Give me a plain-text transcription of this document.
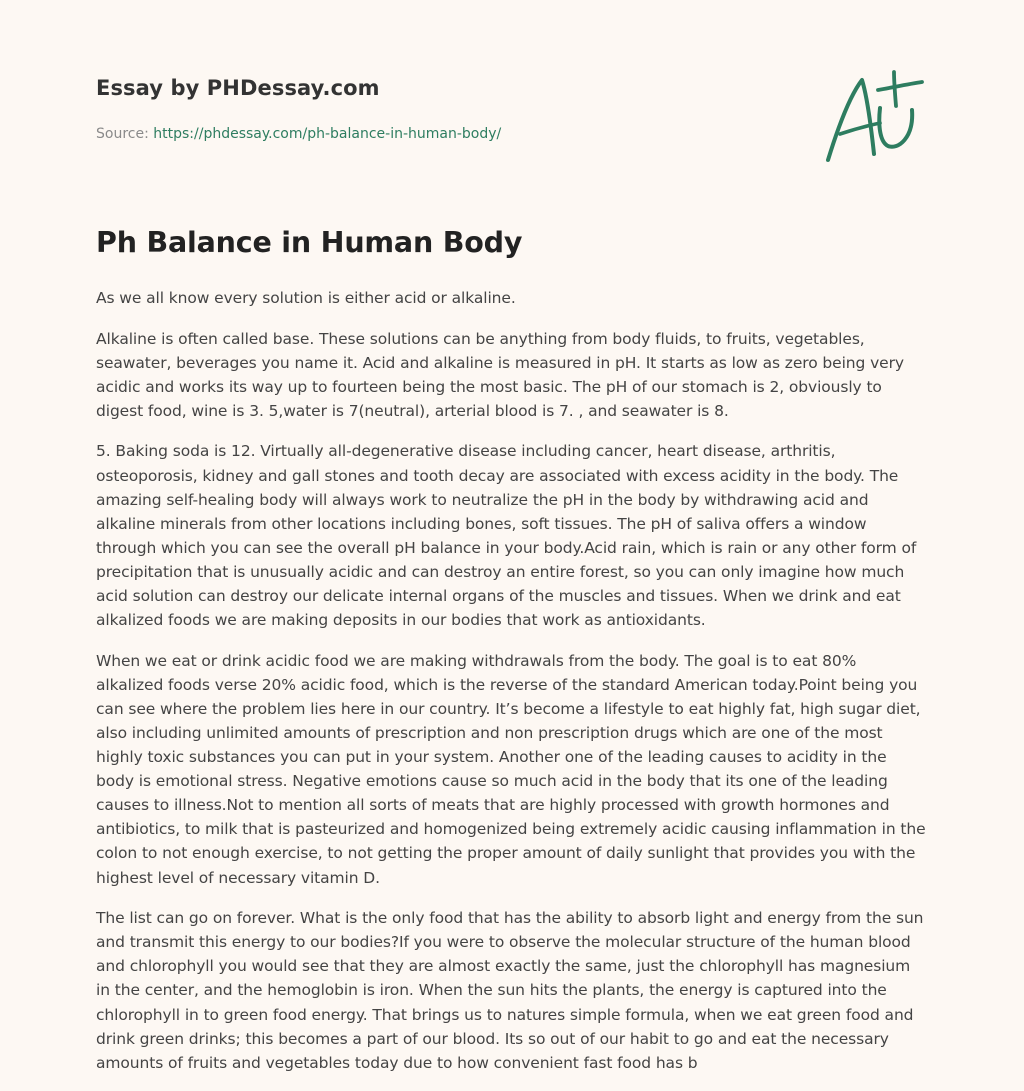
Essay by PHDessay.com

Source: https://phdessay.com/ph-balance-in-human-body/
Ph Balance in Human Body

As we all know every solution is either acid or alkaline.

Alkaline is often called base. These solutions can be anything from body fluids, to fruits, vegetables, seawater, beverages you name it. Acid and alkaline is measured in pH. It starts as low as zero being very acidic and works its way up to fourteen being the most basic. The pH of our stomach is 2, obviously to digest food, wine is 3. 5,water is 7(neutral), arterial blood is 7. , and seawater is 8.

5. Baking soda is 12. Virtually all-degenerative disease including cancer, heart disease, arthritis, osteoporosis, kidney and gall stones and tooth decay are associated with excess acidity in the body. The amazing self-healing body will always work to neutralize the pH in the body by withdrawing acid and alkaline minerals from other locations including bones, soft tissues. The pH of saliva offers a window through which you can see the overall pH balance in your body.Acid rain, which is rain or any other form of precipitation that is unusually acidic and can destroy an entire forest, so you can only imagine how much acid solution can destroy our delicate internal organs of the muscles and tissues. When we drink and eat alkalized foods we are making deposits in our bodies that work as antioxidants.

When we eat or drink acidic food we are making withdrawals from the body. The goal is to eat 80% alkalized foods verse 20% acidic food, which is the reverse of the standard American today.Point being you can see where the problem lies here in our country. It’s become a lifestyle to eat highly fat, high sugar diet, also including unlimited amounts of prescription and non prescription drugs which are one of the most highly toxic substances you can put in your system. Another one of the leading causes to acidity in the body is emotional stress. Negative emotions cause so much acid in the body that its one of the leading causes to illness.Not to mention all sorts of meats that are highly processed with growth hormones and antibiotics, to milk that is pasteurized and homogenized being extremely acidic causing inflammation in the colon to not enough exercise, to not getting the proper amount of daily sunlight that provides you with the highest level of necessary vitamin D.

The list can go on forever. What is the only food that has the ability to absorb light and energy from the sun and transmit this energy to our bodies?If you were to observe the molecular structure of the human blood and chlorophyll you would see that they are almost exactly the same, just the chlorophyll has magnesium in the center, and the hemoglobin is iron. When the sun hits the plants, the energy is captured into the chlorophyll in to green food energy. That brings us to natures simple formula, when we eat green food and drink green drinks; this becomes a part of our blood. Its so out of our habit to go and eat the necessary amounts of fruits and vegetables today due to how convenient fast food has b
